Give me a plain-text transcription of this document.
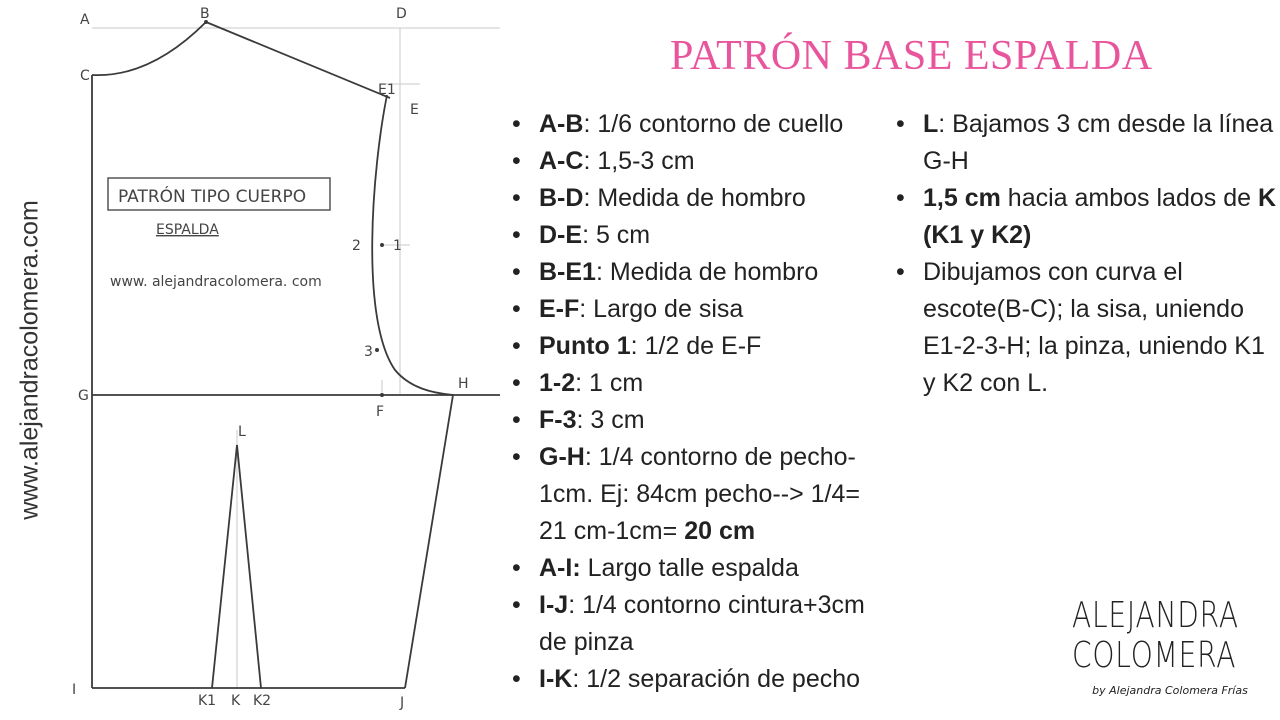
PATRÓN TIPO CUERPO
ESPALDA
www. alejandracolomera. com
A	B
C
D
E1
E
2 1
3
G
F
H
L
I
K1 K K2	J
www.alejandracolomera.com
PATRÓN BASE ESPALDA
• A-B: 1/6 contorno de cuello
• A-C: 1,5-3 cm
• B-D: Medida de hombro
• D-E: 5 cm
• B-E1: Medida de hombro
• E-F: Largo de sisa
• Punto 1: 1/2 de E-F
• 1-2: 1 cm
• F-3: 3 cm
• G-H: 1/4 contorno de pecho-1cm. Ej: 84cm pecho--> 1/4= 21 cm-1cm= 20 cm
• A-I: Largo talle espalda
• I-J: 1/4 contorno cintura+3cm de pinza
• I-K: 1/2 separación de pecho
• L: Bajamos 3 cm desde la línea G-H
• 1,5 cm hacia ambos lados de K (K1 y K2)
• Dibujamos con curva el escote(B-C); la sisa, uniendo E1-2-3-H; la pinza, uniendo K1 y K2 con L.
ALEJANDRA
COLOMERA
by Alejandra Colomera Frías
